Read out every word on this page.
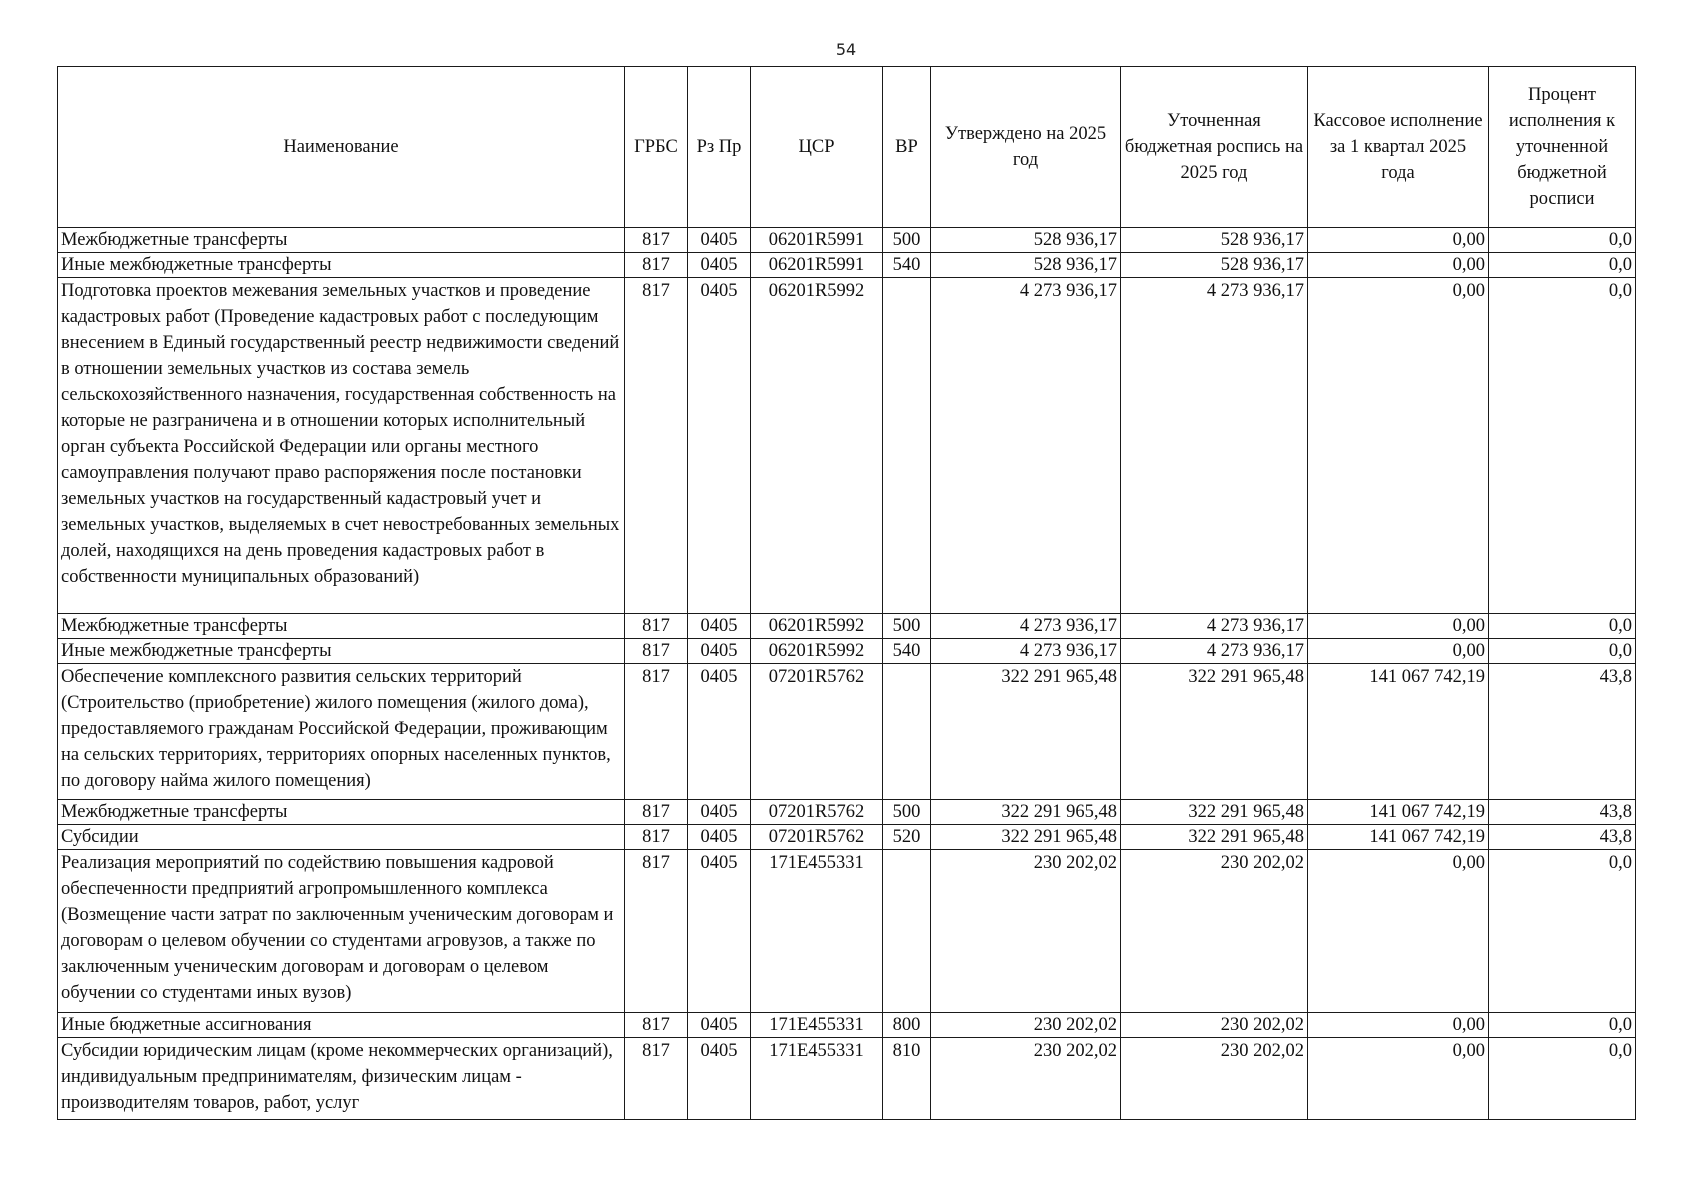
54
Наименование	ГРБС	Рз Пр	ЦСР	ВР	Утверждено на 2025 год	Уточненная бюджетная роспись на 2025 год	Кассовое исполнение за 1 квартал 2025 года	Процент исполнения к уточненной бюджетной росписи
Межбюджетные трансферты	817	0405	06201R5991	500	528 936,17	528 936,17	0,00	0,0
Иные межбюджетные трансферты	817	0405	06201R5991	540	528 936,17	528 936,17	0,00	0,0
Подготовка проектов межевания земельных участков и проведение кадастровых работ (Проведение кадастровых работ с последующим внесением в Единый государственный реестр недвижимости сведений в отношении земельных участков из состава земель сельскохозяйственного назначения, государственная собственность на которые не разграничена и в отношении которых исполнительный орган субъекта Российской Федерации или органы местного самоуправления получают право распоряжения после постановки земельных участков на государственный кадастровый учет и земельных участков, выделяемых в счет невостребованных земельных долей, находящихся на день проведения кадастровых работ в собственности муниципальных образований)	817	0405	06201R5992		4 273 936,17	4 273 936,17	0,00	0,0
Межбюджетные трансферты	817	0405	06201R5992	500	4 273 936,17	4 273 936,17	0,00	0,0
Иные межбюджетные трансферты	817	0405	06201R5992	540	4 273 936,17	4 273 936,17	0,00	0,0
Обеспечение комплексного развития сельских территорий (Строительство (приобретение) жилого помещения (жилого дома), предоставляемого гражданам Российской Федерации, проживающим на сельских территориях, территориях опорных населенных пунктов, по договору найма жилого помещения)	817	0405	07201R5762		322 291 965,48	322 291 965,48	141 067 742,19	43,8
Межбюджетные трансферты	817	0405	07201R5762	500	322 291 965,48	322 291 965,48	141 067 742,19	43,8
Субсидии	817	0405	07201R5762	520	322 291 965,48	322 291 965,48	141 067 742,19	43,8
Реализация мероприятий по содействию повышения кадровой обеспеченности предприятий агропромышленного комплекса (Возмещение части затрат по заключенным ученическим договорам и договорам о целевом обучении со студентами агровузов, а также по заключенным ученическим договорам и договорам о целевом обучении со студентами иных вузов)	817	0405	171E455331		230 202,02	230 202,02	0,00	0,0
Иные бюджетные ассигнования	817	0405	171E455331	800	230 202,02	230 202,02	0,00	0,0
Субсидии юридическим лицам (кроме некоммерческих организаций), индивидуальным предпринимателям, физическим лицам - производителям товаров, работ, услуг	817	0405	171E455331	810	230 202,02	230 202,02	0,00	0,0
